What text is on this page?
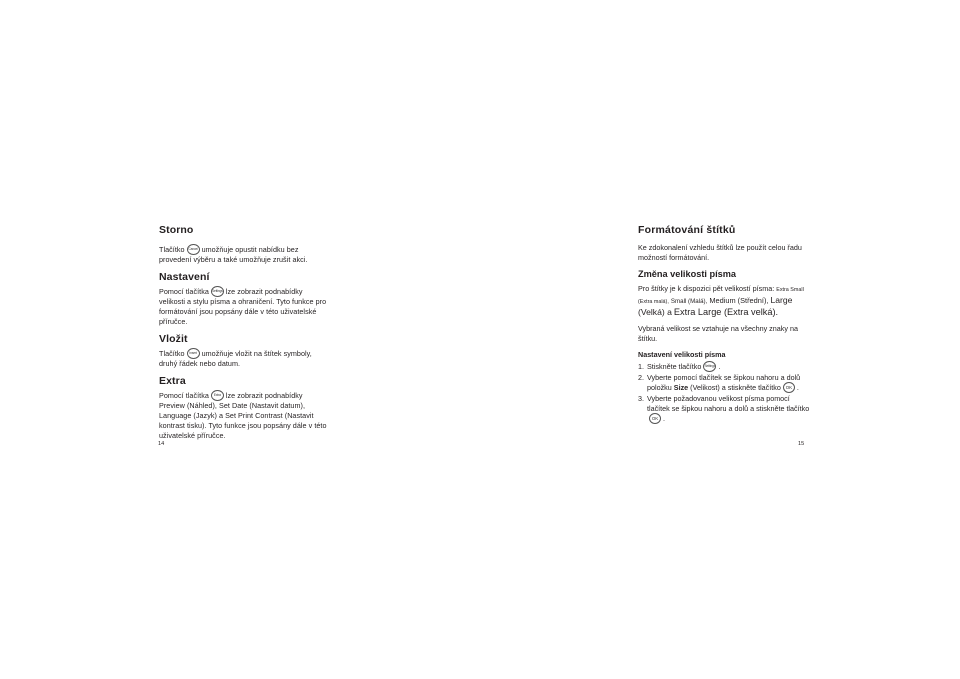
Storno

Tlačítko Cancel umožňuje opustit nabídku bez provedení výběru a také umožňuje zrušit akci.

Nastavení

Pomocí tlačítka Settings lze zobrazit podnabídky velikosti a stylu písma a ohraničení. Tyto funkce pro formátování jsou popsány dále v této uživatelské příručce.

Vložit

Tlačítko Insert umožňuje vložit na štítek symboly, druhý řádek nebo datum.

Extra

Pomocí tlačítka Extra lze zobrazit podnabídky Preview (Náhled), Set Date (Nastavit datum), Language (Jazyk) a Set Print Contrast (Nastavit kontrast tisku). Tyto funkce jsou popsány dále v této uživatelské příručce.

14
Formátování štítků

Ke zdokonalení vzhledu štítků lze použít celou řadu možností formátování.

Změna velikosti písma

Pro štítky je k dispozici pět velikostí písma: Extra Small (Extra malá), Small (Malá), Medium (Střední), Large (Velká) a Extra Large (Extra velká).

Vybraná velikost se vztahuje na všechny znaky na štítku.

Nastavení velikosti písma
1. Stiskněte tlačítko Settings .
2. Vyberte pomocí tlačítek se šipkou nahoru a dolů položku Size (Velikost) a stiskněte tlačítko OK .
3. Vyberte požadovanou velikost písma pomocí tlačítek se šipkou nahoru a dolů a stiskněte tlačítko OK .
15
